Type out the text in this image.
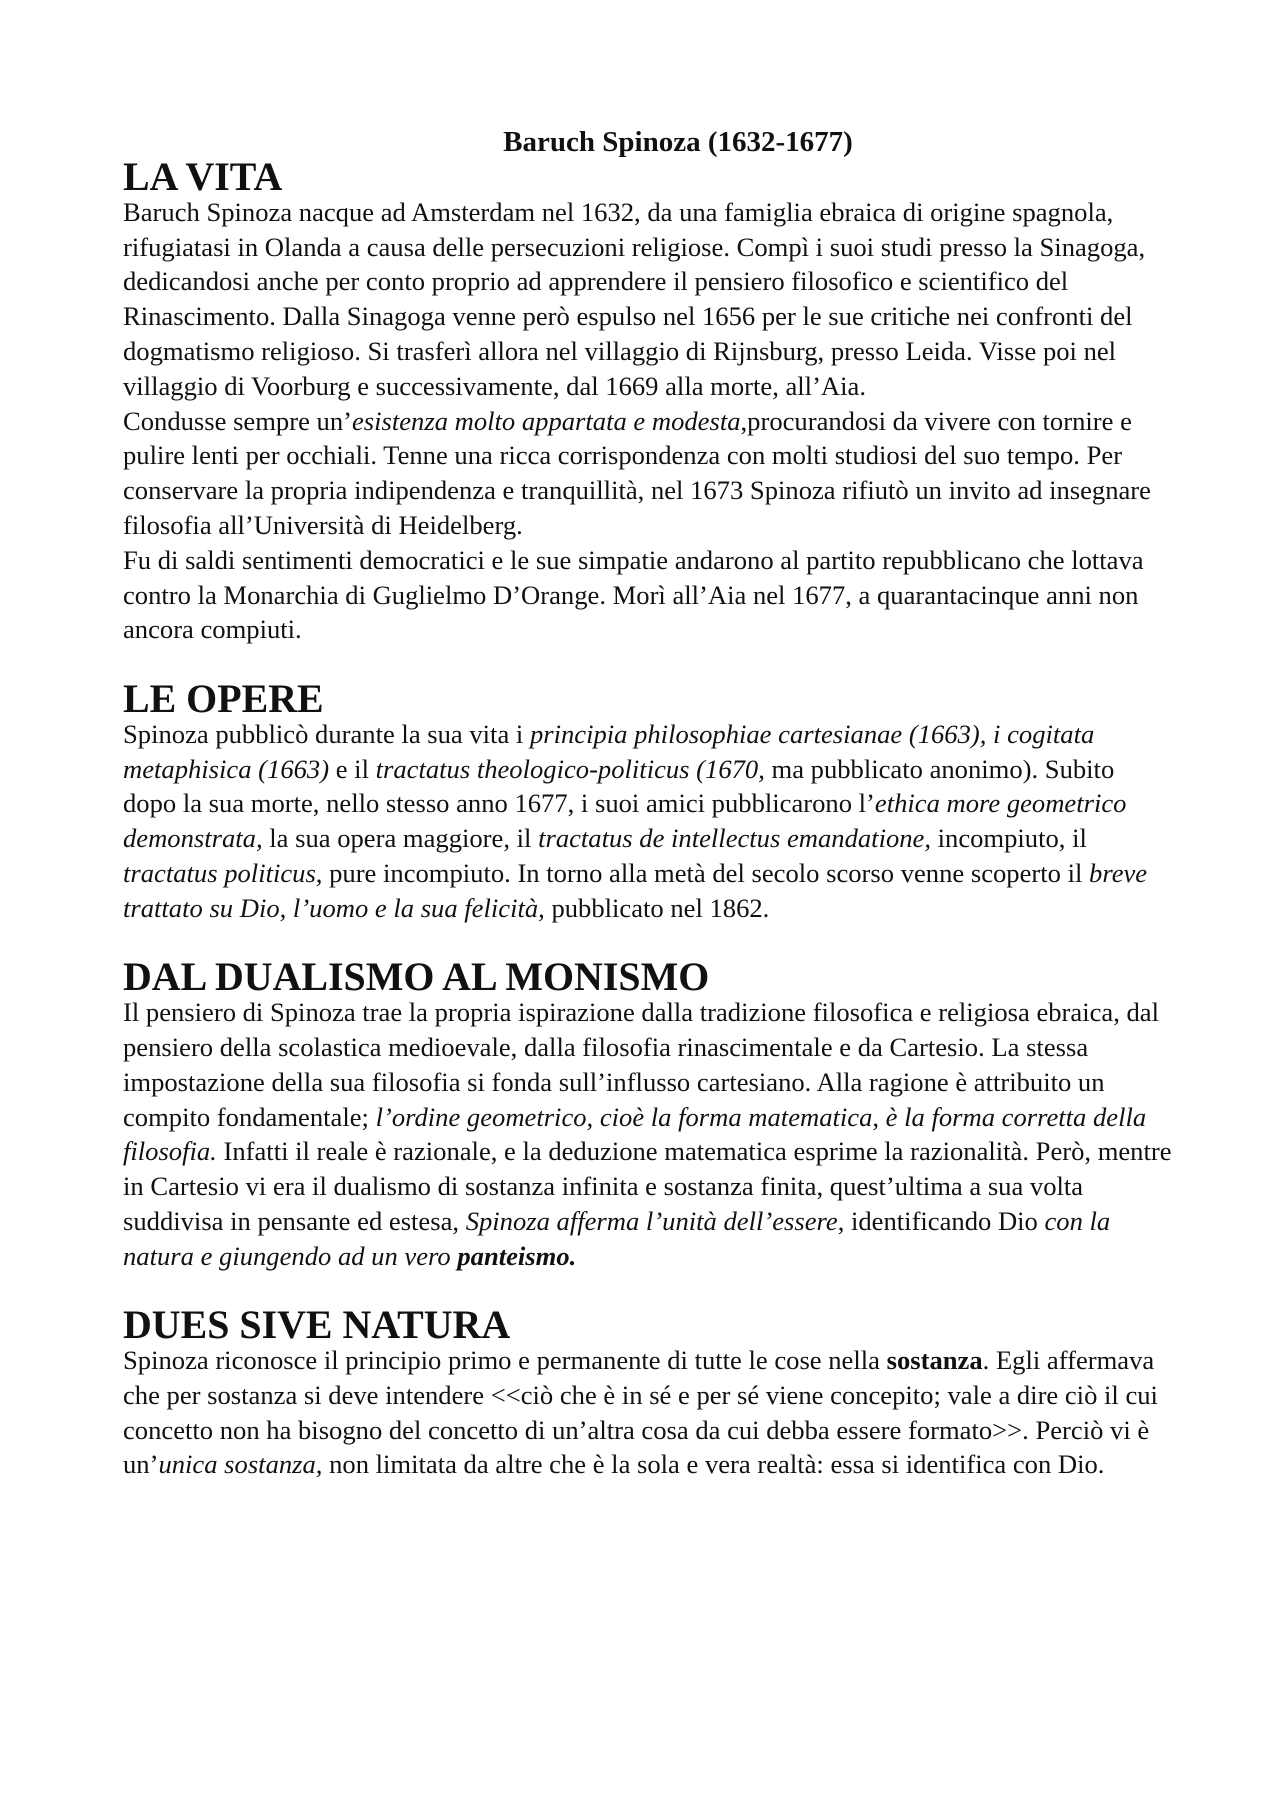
Baruch Spinoza (1632-1677)
LA VITA

Baruch Spinoza nacque ad Amsterdam nel 1632, da una famiglia ebraica di origine spagnola, rifugiatasi in Olanda a causa delle persecuzioni religiose. Compì i suoi studi presso la Sinagoga, dedicandosi anche per conto proprio ad apprendere il pensiero filosofico e scientifico del Rinascimento. Dalla Sinagoga venne però espulso nel 1656 per le sue critiche nei confronti del dogmatismo religioso. Si trasferì allora nel villaggio di Rijnsburg, presso Leida. Visse poi nel villaggio di Voorburg e successivamente, dal 1669 alla morte, all’Aia.

Condusse sempre un’esistenza molto appartata e modesta,procurandosi da vivere con tornire e pulire lenti per occhiali. Tenne una ricca corrispondenza con molti studiosi del suo tempo. Per conservare la propria indipendenza e tranquillità, nel 1673 Spinoza rifiutò un invito ad insegnare filosofia all’Università di Heidelberg.

Fu di saldi sentimenti democratici e le sue simpatie andarono al partito repubblicano che lottava contro la Monarchia di Guglielmo D’Orange. Morì all’Aia nel 1677, a quarantacinque anni non ancora compiuti.

LE OPERE

Spinoza pubblicò durante la sua vita i principia philosophiae cartesianae (1663), i cogitata metaphisica (1663) e il tractatus theologico-politicus (1670, ma pubblicato anonimo). Subito dopo la sua morte, nello stesso anno 1677, i suoi amici pubblicarono l’ethica more geometrico demonstrata, la sua opera maggiore, il tractatus de intellectus emandatione, incompiuto, il tractatus politicus, pure incompiuto. In torno alla metà del secolo scorso venne scoperto il breve trattato su Dio, l’uomo e la sua felicità, pubblicato nel 1862.

DAL DUALISMO AL MONISMO

Il pensiero di Spinoza trae la propria ispirazione dalla tradizione filosofica e religiosa ebraica, dal pensiero della scolastica medioevale, dalla filosofia rinascimentale e da Cartesio. La stessa impostazione della sua filosofia si fonda sull’influsso cartesiano. Alla ragione è attribuito un compito fondamentale; l’ordine geometrico, cioè la forma matematica, è la forma corretta della filosofia. Infatti il reale è razionale, e la deduzione matematica esprime la razionalità. Però, mentre in Cartesio vi era il dualismo di sostanza infinita e sostanza finita, quest’ultima a sua volta suddivisa in pensante ed estesa, Spinoza afferma l’unità dell’essere, identificando Dio con la natura e giungendo ad un vero panteismo.

DUES SIVE NATURA

Spinoza riconosce il principio primo e permanente di tutte le cose nella sostanza. Egli affermava che per sostanza si deve intendere <<ciò che è in sé e per sé viene concepito; vale a dire ciò il cui concetto non ha bisogno del concetto di un’altra cosa da cui debba essere formato>>. Perciò vi è un’unica sostanza, non limitata da altre che è la sola e vera realtà: essa si identifica con Dio.
